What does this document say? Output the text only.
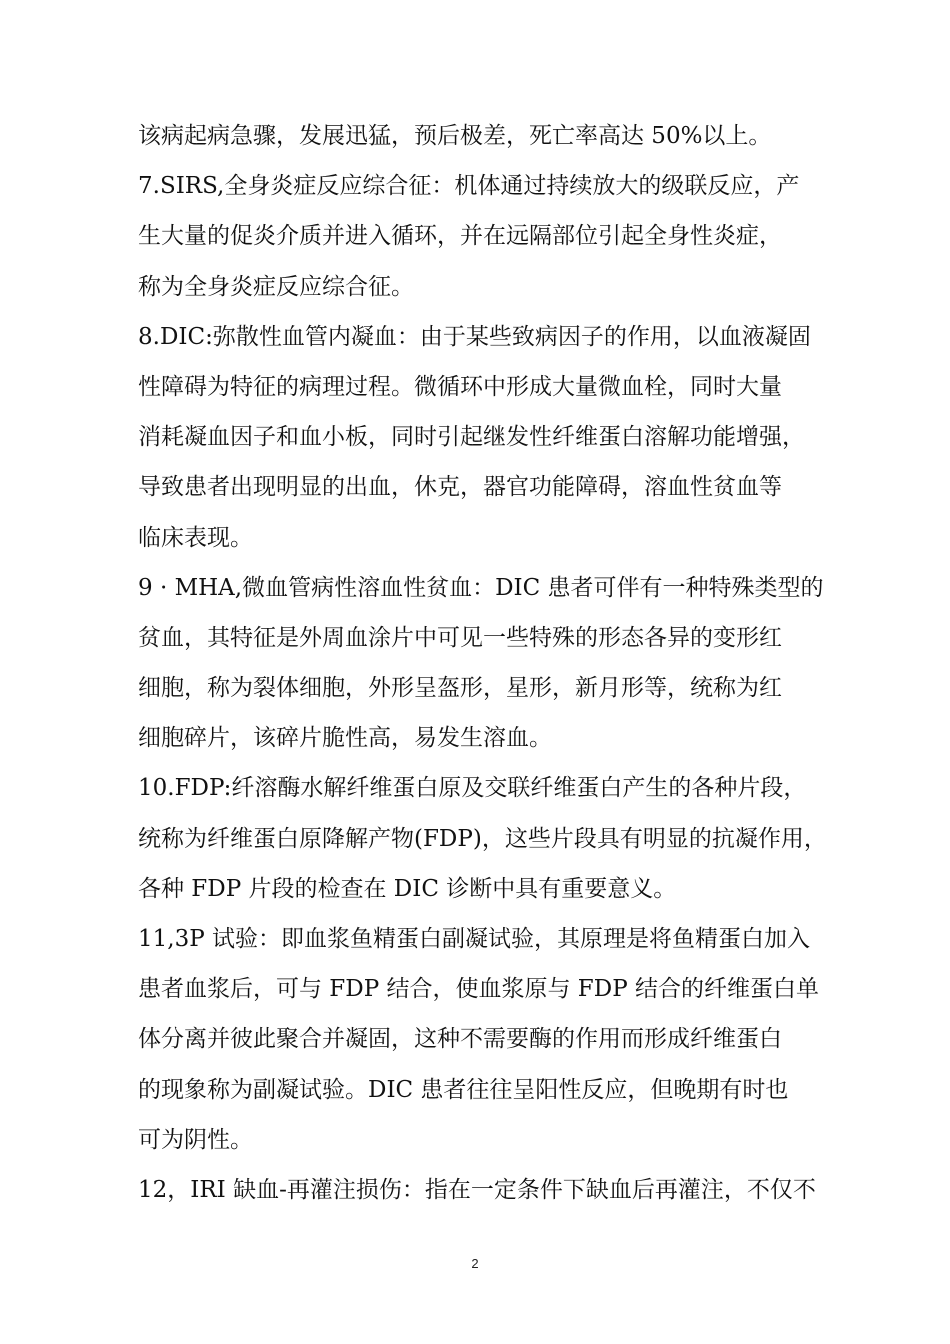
该病起病急骤，发展迅猛，预后极差，死亡率高达 50%以上。
7.SIRS,全身炎症反应综合征：机体通过持续放大的级联反应，产
生大量的促炎介质并进入循环，并在远隔部位引起全身性炎症，
称为全身炎症反应综合征。
8.DIC:弥散性血管内凝血：由于某些致病因子的作用，以血液凝固
性障碍为特征的病理过程。微循环中形成大量微血栓，同时大量
消耗凝血因子和血小板，同时引起继发性纤维蛋白溶解功能增强，
导致患者出现明显的出血，休克，器官功能障碍，溶血性贫血等
临床表现。
9 · MHA,微血管病性溶血性贫血：DIC 患者可伴有一种特殊类型的
贫血，其特征是外周血涂片中可见一些特殊的形态各异的变形红
细胞，称为裂体细胞，外形呈盔形，星形，新月形等，统称为红
细胞碎片，该碎片脆性高，易发生溶血。
10.FDP:纤溶酶水解纤维蛋白原及交联纤维蛋白产生的各种片段，
统称为纤维蛋白原降解产物(FDP)，这些片段具有明显的抗凝作用，
各种 FDP 片段的检查在 DIC 诊断中具有重要意义。
11,3P 试验：即血浆鱼精蛋白副凝试验，其原理是将鱼精蛋白加入
患者血浆后，可与 FDP 结合，使血浆原与 FDP 结合的纤维蛋白单
体分离并彼此聚合并凝固，这种不需要酶的作用而形成纤维蛋白
的现象称为副凝试验。DIC 患者往往呈阳性反应，但晚期有时也
可为阴性。
12，IRI 缺血-再灌注损伤：指在一定条件下缺血后再灌注，不仅不
2
